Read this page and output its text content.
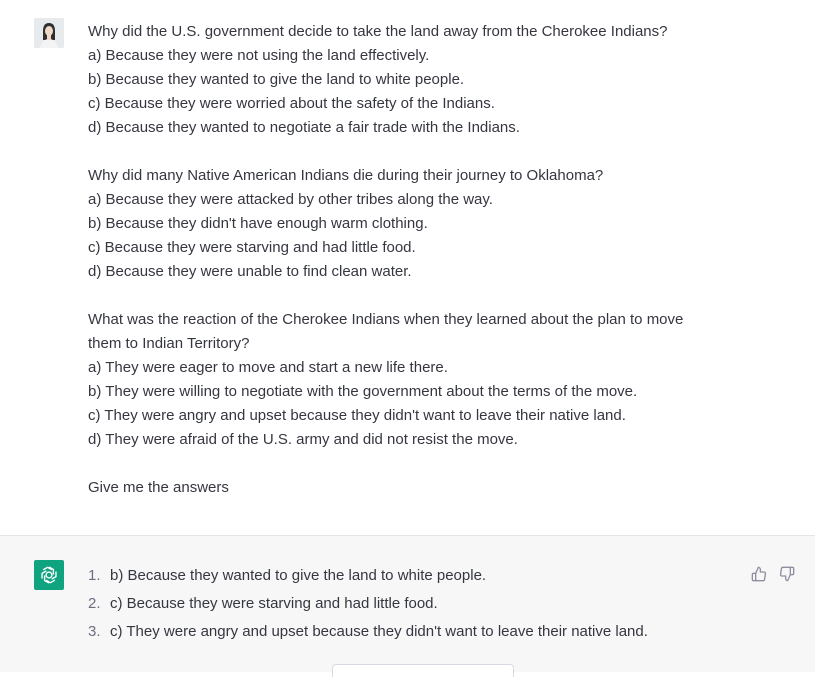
Why did the U.S. government decide to take the land away from the Cherokee Indians?
a) Because they were not using the land effectively.
b) Because they wanted to give the land to white people.
c) Because they were worried about the safety of the Indians.
d) Because they wanted to negotiate a fair trade with the Indians.
Why did many Native American Indians die during their journey to Oklahoma?
a) Because they were attacked by other tribes along the way.
b) Because they didn't have enough warm clothing.
c) Because they were starving and had little food.
d) Because they were unable to find clean water.
What was the reaction of the Cherokee Indians when they learned about the plan to move
them to Indian Territory?
a) They were eager to move and start a new life there.
b) They were willing to negotiate with the government about the terms of the move.
c) They were angry and upset because they didn't want to leave their native land.
d) They were afraid of the U.S. army and did not resist the move.
Give me the answers
1. b) Because they wanted to give the land to white people.
2. c) Because they were starving and had little food.
3. c) They were angry and upset because they didn't want to leave their native land.
